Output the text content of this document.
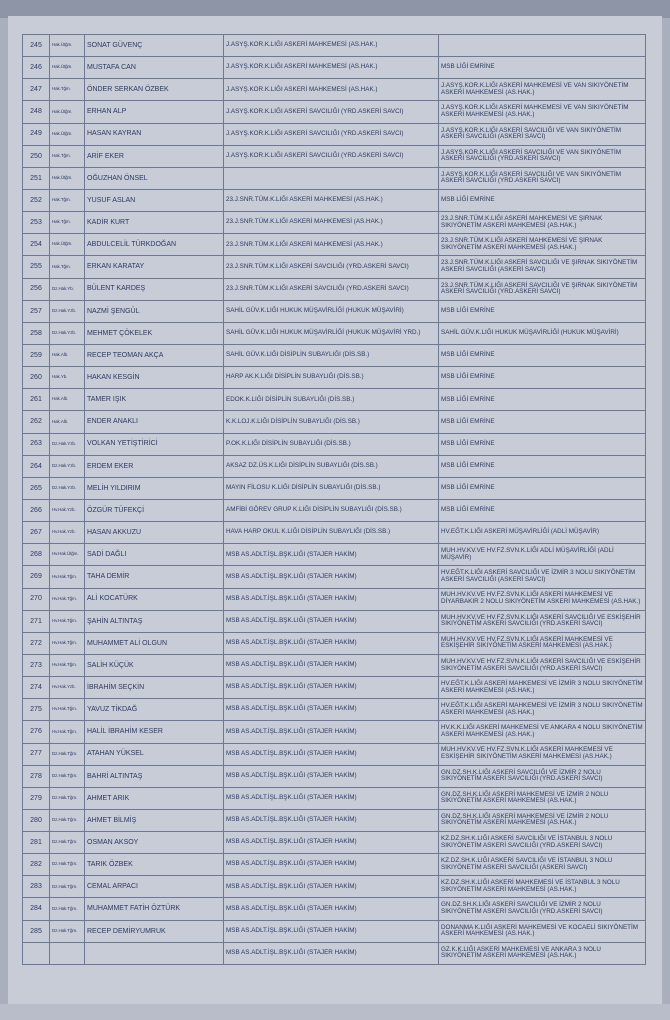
245	Hak.Ütğm.	SONAT GÜVENÇ	J.ASYŞ.KOR.K.LIĞI ASKERİ MAHKEMESİ (AS.HAK.)	
246	Hak.Ütğm.	MUSTAFA CAN	J.ASYŞ.KOR.K.LIĞI ASKERİ MAHKEMESİ (AS.HAK.)	MSB LİĞİ EMRİNE
247	Hak.Tğm.	ÖNDER SERKAN ÖZBEK	J.ASYŞ.KOR.K.LIĞI ASKERİ MAHKEMESİ (AS.HAK.)	J.ASYŞ.KOR.K.LIĞI ASKERİ MAHKEMESİ VE VAN SIKIYÖNETİM ASKERİ MAHKEMESİ (AS.HAK.)
248	Hak.Ütğm.	ERHAN ALP	J.ASYŞ.KOR.K.LIĞI ASKERİ SAVCILIĞI (YRD.ASKERİ SAVCI)	J.ASYŞ.KOR.K.LIĞI ASKERİ MAHKEMESİ VE VAN SIKIYÖNETİM ASKERİ MAHKEMESİ (AS.HAK.)
249	Hak.Ütğm.	HASAN KAYRAN	J.ASYŞ.KOR.K.LIĞI ASKERİ SAVCILIĞI (YRD.ASKERİ SAVCI)	J.ASYŞ.KOR.K.LIĞI ASKERİ SAVCILIĞI VE VAN SIKIYÖNETİM ASKERİ SAVCILIĞI (ASKERİ SAVCI)
250	Hak.Tğm.	ARİF EKER	J.ASYŞ.KOR.K.LIĞI ASKERİ SAVCILIĞI (YRD.ASKERİ SAVCI)	J.ASYŞ.KOR.K.LIĞI ASKERİ SAVCILIĞI VE VAN SIKIYÖNETİM ASKERİ SAVCILIĞI (YRD.ASKERİ SAVCI)
251	Hak.Ütğm.	OĞUZHAN ÖNSEL		J.ASYŞ.KOR.K.LIĞI ASKERİ SAVCILIĞI VE VAN SIKIYÖNETİM ASKERİ SAVCILIĞI (YRD.ASKERİ SAVCI)
252	Hak.Tğm.	YUSUF ASLAN	23.J.SNR.TÜM.K.LIĞI ASKERİ MAHKEMESİ (AS.HAK.)	MSB LİĞİ EMRİNE
253	Hak.Tğm.	KADİR KURT	23.J.SNR.TÜM.K.LIĞI ASKERİ MAHKEMESİ (AS.HAK.)	23.J.SNR.TÜM.K.LIĞI ASKERİ MAHKEMESİ VE ŞIRNAK SIKIYÖNETİM ASKERİ MAHKEMESİ (AS.HAK.)
254	Hak.Ütğm.	ABDULCELİL TÜRKDOĞAN	23.J.SNR.TÜM.K.LIĞI ASKERİ MAHKEMESİ (AS.HAK.)	23.J.SNR.TÜM.K.LIĞI ASKERİ MAHKEMESİ VE ŞIRNAK SIKIYÖNETİM ASKERİ MAHKEMESİ (AS.HAK.)
255	Hak.Tğm.	ERKAN KARATAY	23.J.SNR.TÜM.K.LIĞI ASKERİ SAVCILIĞI (YRD.ASKERİ SAVCI)	23.J.SNR.TÜM.K.LIĞI ASKERİ SAVCILIĞI VE ŞIRNAK SIKIYÖNETİM ASKERİ SAVCILIĞI (ASKERİ SAVCI)
256	Dz.Hak.Yb.	BÜLENT KARDEŞ	23.J.SNR.TÜM.K.LIĞI ASKERİ SAVCILIĞI (YRD.ASKERİ SAVCI)	23.J.SNR.TÜM.K.LIĞI ASKERİ SAVCILIĞI VE ŞIRNAK SIKIYÖNETİM ASKERİ SAVCILIĞI (YRD.ASKERİ SAVCI)
257	Dz.Hak.Yzb.	NAZMİ ŞENGÜL	SAHİL GÜV.K.LIĞI HUKUK MÜŞAVİRLİĞİ (HUKUK MÜŞAVİRİ)	MSB LİĞİ EMRİNE
258	Dz.Hak.Yzb.	MEHMET ÇÖKELEK	SAHİL GÜV.K.LIĞI HUKUK MÜŞAVİRLİĞİ (HUKUK MÜŞAVİRİ YRD.)	SAHİL GÜV.K.LIĞI HUKUK MÜŞAVİRLİĞİ (HUKUK MÜŞAVİRİ)
259	Hak.Alb.	RECEP TEOMAN AKÇA	SAHİL GÜV.K.LIĞI DİSİPLİN SUBAYLIĞI (DİS.SB.)	MSB LİĞİ EMRİNE
260	Hak.Yb.	HAKAN KESGİN	HARP AK.K.LIĞI DİSİPLİN SUBAYLIĞI (DİS.SB.)	MSB LİĞİ EMRİNE
261	Hak.Alb.	TAMER IŞIK	EDOK.K.LIĞI DİSİPLİN SUBAYLIĞI (DİS.SB.)	MSB LİĞİ EMRİNE
262	Hak.Alb.	ENDER ANAKLI	K.K.LOJ.K.LIĞI DİSİPLİN SUBAYLIĞI (DİS.SB.)	MSB LİĞİ EMRİNE
263	Dz.Hak.Yzb.	VOLKAN YETİŞTİRİCİ	P.OK.K.LIĞI DİSİPLİN SUBAYLIĞI (DİS.SB.)	MSB LİĞİ EMRİNE
264	Dz.Hak.Yzb.	ERDEM EKER	AKSAZ DZ.ÜS.K.LIĞI DİSİPLİN SUBAYLIĞI (DİS.SB.)	MSB LİĞİ EMRİNE
265	Dz.Hak.Yzb.	MELİH YILDIRIM	MAYIN FİLOSU K.LIĞI DİSİPLİN SUBAYLIĞI (DİS.SB.)	MSB LİĞİ EMRİNE
266	Hv.Hak.Yzb.	ÖZGÜR TÜFEKÇİ	AMFİBİ GÖREV GRUP K.LIĞI DİSİPLİN SUBAYLIĞI (DİS.SB.)	MSB LİĞİ EMRİNE
267	Hv.Hak.Yzb.	HASAN AKKUZU	HAVA HARP OKUL K.LIĞI DİSİPLİN SUBAYLIĞI (DİS.SB.)	HV.EĞT.K.LIĞI ASKERİ MÜŞAVİRLİĞİ (ADLİ MÜŞAVİR)
268	Hv.Hak.Ütğm.	SADİ DAĞLI	MSB AS.ADLT.İŞL.BŞK.LIĞI (STAJER HAKİM)	MUH.HV.KV.VE HV.FZ.SVN.K.LIĞI ADLİ MÜŞAVİRLİĞİ (ADLİ MÜŞAVİR)
269	Hv.Hak.Tğm.	TAHA DEMİR	MSB AS.ADLT.İŞL.BŞK.LIĞI (STAJER HAKİM)	HV.EĞT.K.LIĞI ASKERİ SAVCILIĞI VE İZMİR 3 NOLU SIKIYÖNETİM ASKERİ SAVCILIĞI (ASKERİ SAVCI)
270	Hv.Hak.Tğm.	ALİ KOCATÜRK	MSB AS.ADLT.İŞL.BŞK.LIĞI (STAJER HAKİM)	MUH.HV.KV.VE HV.FZ.SVN.K.LIĞI ASKERİ MAHKEMESİ VE DİYARBAKIR 2 NOLU SIKIYÖNETİM ASKERİ MAHKEMESİ (AS.HAK.)
271	Hv.Hak.Tğm.	ŞAHİN ALTINTAŞ	MSB AS.ADLT.İŞL.BŞK.LIĞI (STAJER HAKİM)	MUH.HV.KV.VE HV.FZ.SVN.K.LIĞI ASKERİ SAVCILIĞI VE ESKİŞEHİR SIKIYÖNETİM ASKERİ SAVCILIĞI (YRD.ASKERİ SAVCI)
272	Hv.Hak.Tğm.	MUHAMMET ALİ OLGUN	MSB AS.ADLT.İŞL.BŞK.LIĞI (STAJER HAKİM)	MUH.HV.KV.VE HV.FZ.SVN.K.LIĞI ASKERİ MAHKEMESİ VE ESKİŞEHİR SIKIYÖNETİM ASKERİ MAHKEMESİ (AS.HAK.)
273	Hv.Hak.Tğm.	SALİH KÜÇÜK	MSB AS.ADLT.İŞL.BŞK.LIĞI (STAJER HAKİM)	MUH.HV.KV.VE HV.FZ.SVN.K.LIĞI ASKERİ SAVCILIĞI VE ESKİŞEHİR SIKIYÖNETİM ASKERİ SAVCILIĞI (YRD.ASKERİ SAVCI)
274	Hv.Hak.Yzb.	İBRAHİM SEÇKİN	MSB AS.ADLT.İŞL.BŞK.LIĞI (STAJER HAKİM)	HV.EĞT.K.LIĞI ASKERİ MAHKEMESİ VE İZMİR 3 NOLU SIKIYÖNETİM ASKERİ MAHKEMESİ (AS.HAK.)
275	Hv.Hak.Tğm.	YAVUZ TİKDAĞ	MSB AS.ADLT.İŞL.BŞK.LIĞI (STAJER HAKİM)	HV.EĞT.K.LIĞI ASKERİ MAHKEMESİ VE İZMİR 3 NOLU SIKIYÖNETİM ASKERİ MAHKEMESİ (AS.HAK.)
276	Hv.Hak.Tğm.	HALİL İBRAHİM KESER	MSB AS.ADLT.İŞL.BŞK.LIĞI (STAJER HAKİM)	HV.K.K.LIĞI ASKERİ MAHKEMESİ VE ANKARA 4 NOLU SIKIYÖNETİM ASKERİ MAHKEMESİ (AS.HAK.)
277	Dz.Hak.Tğm.	ATAHAN YÜKSEL	MSB AS.ADLT.İŞL.BŞK.LIĞI (STAJER HAKİM)	MUH.HV.KV.VE HV.FZ.SVN.K.LIĞI ASKERİ MAHKEMESİ VE ESKİŞEHİR SIKIYÖNETİM ASKERİ MAHKEMESİ (AS.HAK.)
278	Dz.Hak.Tğm.	BAHRİ ALTINTAŞ	MSB AS.ADLT.İŞL.BŞK.LIĞI (STAJER HAKİM)	GN.DZ.SH.K.LIĞI ASKERİ SAVCILIĞI VE İZMİR 2 NOLU SIKIYÖNETİM ASKERİ SAVCILIĞI (YRD.ASKERİ SAVCI)
279	Dz.Hak.Tğm.	AHMET ARIK	MSB AS.ADLT.İŞL.BŞK.LIĞI (STAJER HAKİM)	GN.DZ.SH.K.LIĞI ASKERİ MAHKEMESİ VE İZMİR 2 NOLU SIKIYÖNETİM ASKERİ MAHKEMESİ (AS.HAK.)
280	Dz.Hak.Tğm.	AHMET BİLMİŞ	MSB AS.ADLT.İŞL.BŞK.LIĞI (STAJER HAKİM)	GN.DZ.SH.K.LIĞI ASKERİ MAHKEMESİ VE İZMİR 2 NOLU SIKIYÖNETİM ASKERİ MAHKEMESİ (AS.HAK.)
281	Dz.Hak.Tğm.	OSMAN AKSOY	MSB AS.ADLT.İŞL.BŞK.LIĞI (STAJER HAKİM)	KZ.DZ.SH.K.LIĞI ASKERİ SAVCILIĞI VE İSTANBUL 3 NOLU SIKIYÖNETİM ASKERİ SAVCILIĞI (YRD.ASKERİ SAVCI)
282	Dz.Hak.Tğm.	TARIK ÖZBEK	MSB AS.ADLT.İŞL.BŞK.LIĞI (STAJER HAKİM)	KZ.DZ.SH.K.LIĞI ASKERİ SAVCILIĞI VE İSTANBUL 3 NOLU SIKIYÖNETİM ASKERİ SAVCILIĞI (ASKERİ SAVCI)
283	Dz.Hak.Tğm.	CEMAL ARPACI	MSB AS.ADLT.İŞL.BŞK.LIĞI (STAJER HAKİM)	KZ.DZ.SH.K.LIĞI ASKERİ MAHKEMESİ VE İSTANBUL 3 NOLU SIKIYÖNETİM ASKERİ MAHKEMESİ (AS.HAK.)
284	Dz.Hak.Tğm.	MUHAMMET FATİH ÖZTÜRK	MSB AS.ADLT.İŞL.BŞK.LIĞI (STAJER HAKİM)	GN.DZ.SH.K.LIĞI ASKERİ SAVCILIĞI VE İZMİR 2 NOLU SIKIYÖNETİM ASKERİ SAVCILIĞI (YRD.ASKERİ SAVCI)
285	Dz.Hak.Tğm.	RECEP DEMİRYUMRUK	MSB AS.ADLT.İŞL.BŞK.LIĞI (STAJER HAKİM)	DONANMA K.LIĞI ASKERİ MAHKEMESİ VE KOCAELİ SIKIYÖNETİM ASKERİ MAHKEMESİ (AS.HAK.)
			MSB AS.ADLT.İŞL.BŞK.LIĞI (STAJER HAKİM)	GZ.K.K.LIĞI ASKERİ MAHKEMESİ VE ANKARA 3 NOLU SIKIYÖNETİM ASKERİ MAHKEMESİ (AS.HAK.)
